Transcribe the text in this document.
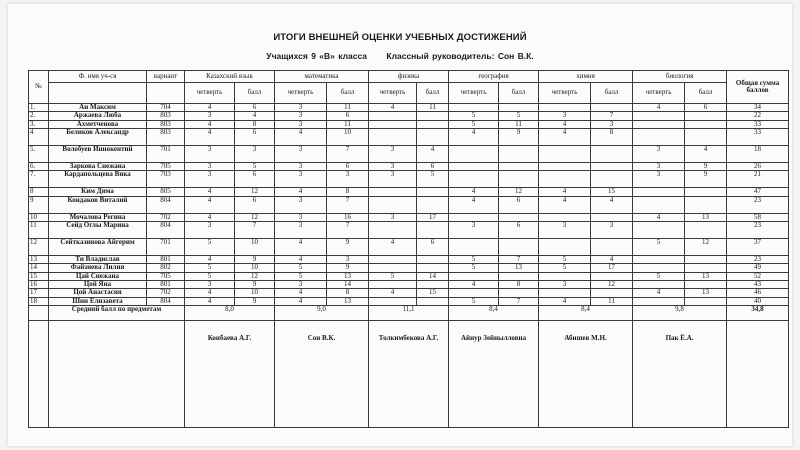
ИТОГИ ВНЕШНЕЙ ОЦЕНКИ УЧЕБНЫХ ДОСТИЖЕНИЙ
Учащихся 9 «В» класса Классный руководитель: Сон В.К.
№	Ф. имя уч-ся	вариант	Казахский язык		математика		физика		география		химия		биология		Общая сумма баллов
			четверть	балл	четверть	балл	четверть	балл	четверть	балл	четверть	балл	четверть	балл	
1.	Ан Максим	704	4	6	3	11	4	11					4	6	34
2.	Аржаева Люба	803	3	4	3	6			5	5	3	7			22
3.	Ахметченова	803	4	8	3	11			5	11	4	3			33
4	Беликов Александр	803	4	6	4	10			4	9	4	8			33
5.	Волобуев Иннокентий	701	3	3	3	7	3	4					3	4	18
6.	Заркова Снежана	705	3	5	3	6	3	6					3	9	26
7.	Кардапольцева Вика	703	3	6	3	3	3	5					3	9	21
8	Ким Дима	805	4	12	4	8			4	12	4	15			47
9	Кондаков Виталий	804	4	6	3	7			4	6	4	4			23
10	Мочалова Регина	702	4	12	3	16	3	17					4	13	58
11	Сейд Оглы Марина	804	3	7	3	7			3	6	3	3			23
12	Сейтказинова Айгерим	701	5	10	4	9	4	6					5	12	37
13	Ти Владислав	801	4	9	4	3			5	7	5	4			23
14	Файзиева Лилия	802	5	10	5	9			5	13	5	17			49
15	Цай Снежана	705	5	12	5	13	5	14					5	13	52
16	Цой Яна	801	3	9	3	14			4	8	3	12			43
17	Цой Анастасия	702	4	10	4	8	4	15					4	13	46
18	Шин Елизавета	804	4	9	4	13			5	7	4	11			40
	Средний балл по предметам		8,0		9,0		11,1		8,4		8,4		9,8		34,8
			Конбаева А.Г.		Сон В.К.		Толкимбекова А.Г.		Айнур Зейнылловна		Абишев М.Н.		Пак Ё.А.		
